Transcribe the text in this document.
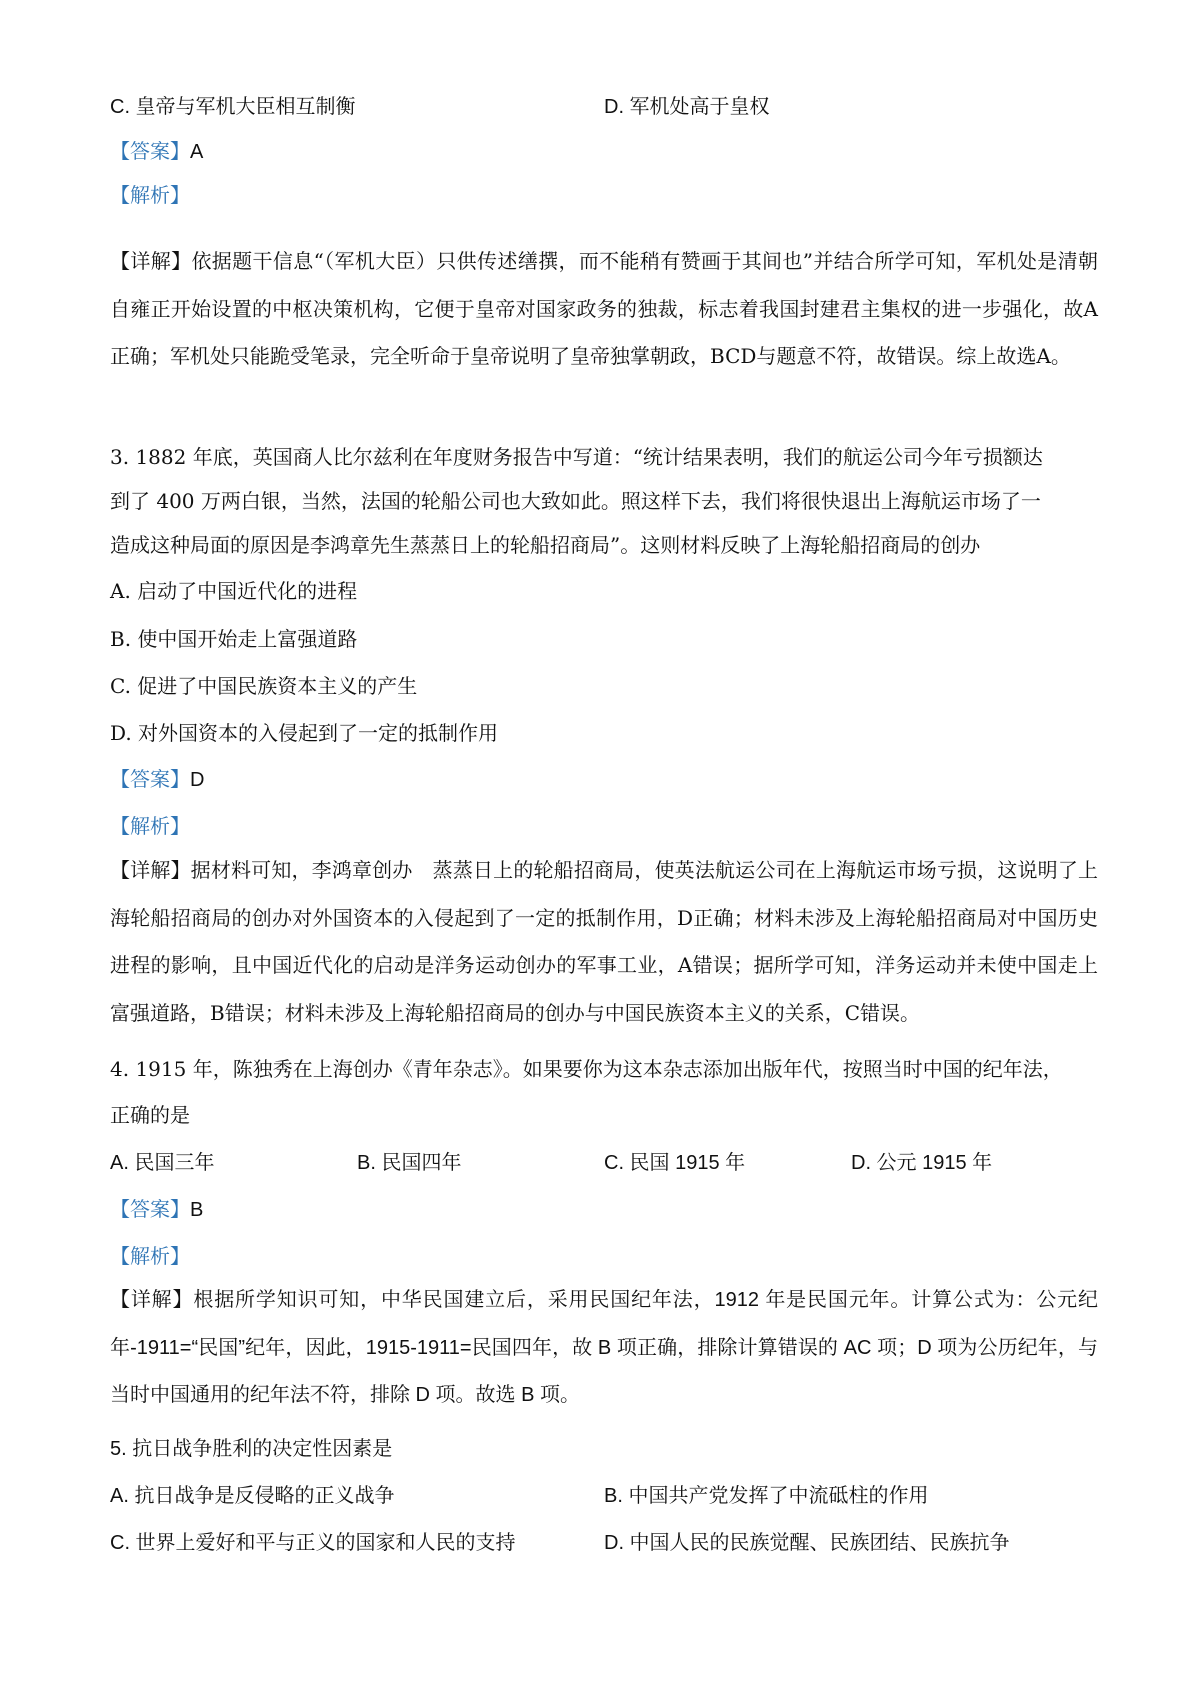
C. 皇帝与军机大臣相互制衡	D. 军机处高于皇权
【答案】A
【解析】
【详解】依据题干信息“（军机大臣）只供传述缮撰，而不能稍有赞画于其间也”并结合所学可知，军机处是清朝自雍正开始设置的中枢决策机构，它便于皇帝对国家政务的独裁，标志着我国封建君主集权的进一步强化，故A正确；军机处只能跪受笔录，完全听命于皇帝说明了皇帝独掌朝政，BCD与题意不符，故错误。综上故选A。
3. 1882 年底，英国商人比尔兹利在年度财务报告中写道：“统计结果表明，我们的航运公司今年亏损额达
到了 400 万两白银，当然，法国的轮船公司也大致如此。照这样下去，我们将很快退出上海航运市场了一
造成这种局面的原因是李鸿章先生蒸蒸日上的轮船招商局”。这则材料反映了上海轮船招商局的创办
A. 启动了中国近代化的进程
B. 使中国开始走上富强道路
C. 促进了中国民族资本主义的产生
D. 对外国资本的入侵起到了一定的抵制作用
【答案】D
【解析】
【详解】据材料可知，李鸿章创办　蒸蒸日上的轮船招商局，使英法航运公司在上海航运市场亏损，这说明了上海轮船招商局的创办对外国资本的入侵起到了一定的抵制作用，D正确；材料未涉及上海轮船招商局对中国历史进程的影响，且中国近代化的启动是洋务运动创办的军事工业，A错误；据所学可知，洋务运动并未使中国走上富强道路，B错误；材料未涉及上海轮船招商局的创办与中国民族资本主义的关系，C错误。
4. 1915 年，陈独秀在上海创办《青年杂志》。如果要你为这本杂志添加出版年代，按照当时中国的纪年法，
正确的是
A. 民国三年	B. 民国四年	C. 民国 1915 年	D. 公元 1915 年
【答案】B
【解析】
【详解】根据所学知识可知，中华民国建立后，采用民国纪年法，1912 年是民国元年。计算公式为：公元纪年-1911=“民国”纪年，因此，1915-1911=民国四年，故 B 项正确，排除计算错误的 AC 项；D 项为公历纪年，与当时中国通用的纪年法不符，排除 D 项。故选 B 项。
5. 抗日战争胜利的决定性因素是
A. 抗日战争是反侵略的正义战争	B. 中国共产党发挥了中流砥柱的作用
C. 世界上爱好和平与正义的国家和人民的支持	D. 中国人民的民族觉醒、民族团结、民族抗争
